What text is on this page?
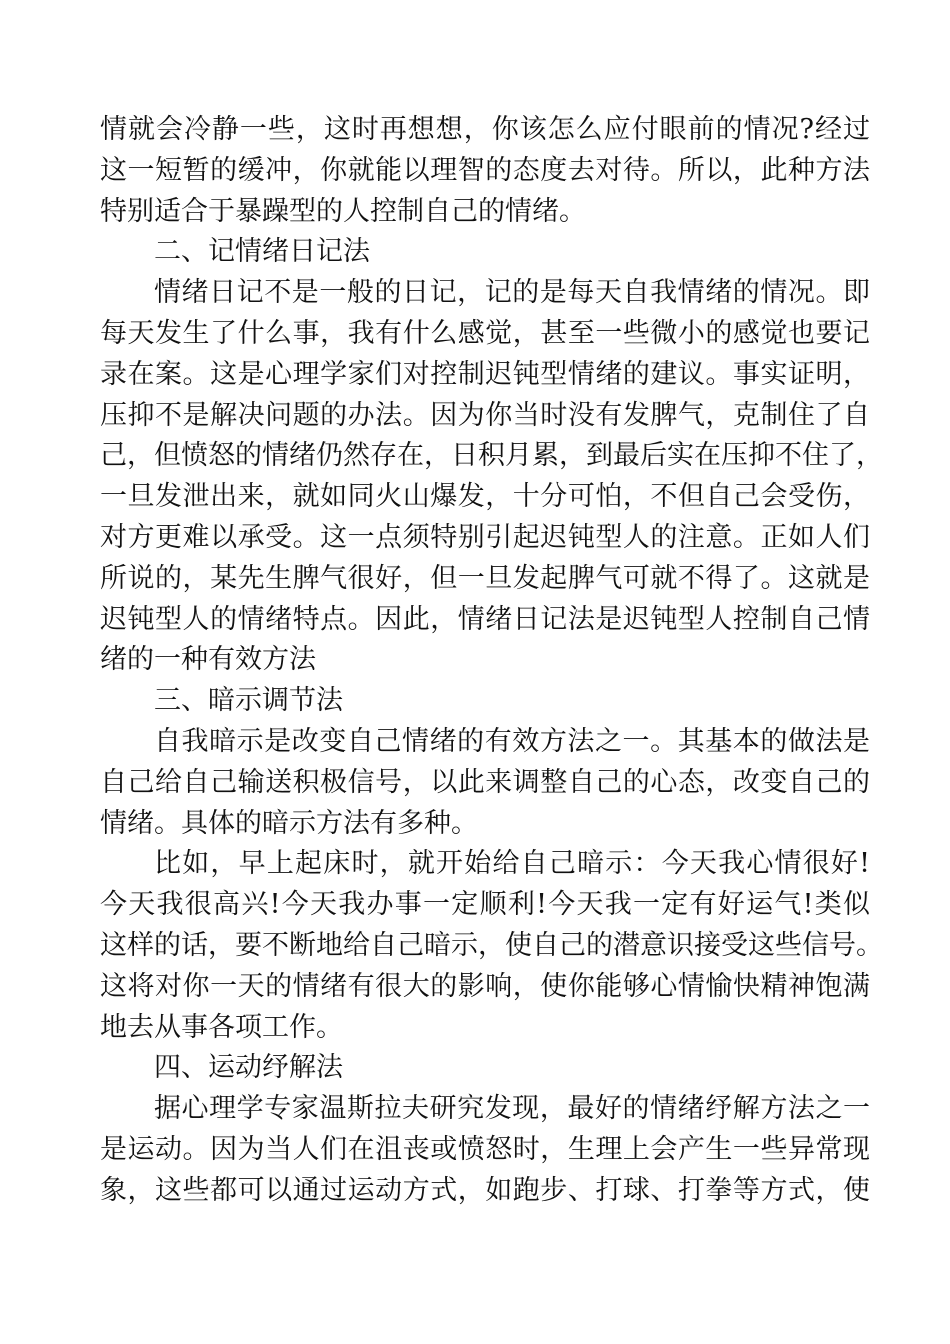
情就会冷静一些，这时再想想，你该怎么应付眼前的情况?经过
这一短暂的缓冲，你就能以理智的态度去对待。所以，此种方法
特别适合于暴躁型的人控制自己的情绪。

二、记情绪日记法

情绪日记不是一般的日记，记的是每天自我情绪的情况。即
每天发生了什么事，我有什么感觉，甚至一些微小的感觉也要记
录在案。这是心理学家们对控制迟钝型情绪的建议。事实证明，
压抑不是解决问题的办法。因为你当时没有发脾气，克制住了自
己，但愤怒的情绪仍然存在，日积月累，到最后实在压抑不住了，
一旦发泄出来，就如同火山爆发，十分可怕，不但自己会受伤，
对方更难以承受。这一点须特别引起迟钝型人的注意。正如人们
所说的，某先生脾气很好，但一旦发起脾气可就不得了。这就是
迟钝型人的情绪特点。因此，情绪日记法是迟钝型人控制自己情
绪的一种有效方法

三、暗示调节法

自我暗示是改变自己情绪的有效方法之一。其基本的做法是
自己给自己输送积极信号，以此来调整自己的心态，改变自己的
情绪。具体的暗示方法有多种。

比如，早上起床时，就开始给自己暗示：今天我心情很好!
今天我很高兴!今天我办事一定顺利!今天我一定有好运气!类似
这样的话，要不断地给自己暗示，使自己的潜意识接受这些信号。
这将对你一天的情绪有很大的影响，使你能够心情愉快精神饱满
地去从事各项工作。

四、运动纾解法

据心理学专家温斯拉夫研究发现，最好的情绪纾解方法之一
是运动。因为当人们在沮丧或愤怒时，生理上会产生一些异常现
象，这些都可以通过运动方式，如跑步、打球、打拳等方式，使
